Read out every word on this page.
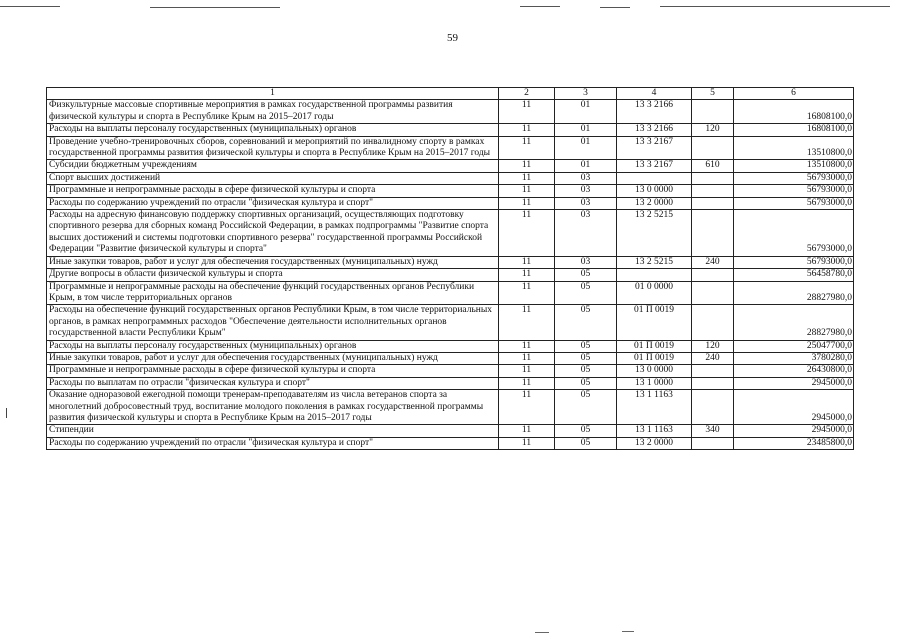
59
1	2	3	4	5	6
Физкультурные массовые спортивные мероприятия в рамках государственной программы развития физической культуры и спорта в Республике Крым на 2015–2017 годы	11	01	13 3 2166		16808100,0
Расходы на выплаты персоналу государственных (муниципальных) органов	11	01	13 3 2166	120	16808100,0
Проведение учебно-тренировочных сборов, соревнований и мероприятий по инвалидному спорту в рамках государственной программы развития физической культуры и спорта в Республике Крым на 2015–2017 годы	11	01	13 3 2167		13510800,0
Субсидии бюджетным учреждениям	11	01	13 3 2167	610	13510800,0
Спорт высших достижений	11	03			56793000,0
Программные и непрограммные расходы в сфере физической культуры и спорта	11	03	13 0 0000		56793000,0
Расходы по содержанию учреждений по отрасли "физическая культура и спорт"	11	03	13 2 0000		56793000,0
Расходы на адресную финансовую поддержку спортивных организаций, осуществляющих подготовку спортивного резерва для сборных команд Российской Федерации, в рамках подпрограммы "Развитие спорта высших достижений и системы подготовки спортивного резерва" государственной программы Российской Федерации "Развитие физической культуры и спорта"	11	03	13 2 5215		56793000,0
Иные закупки товаров, работ и услуг для обеспечения государственных (муниципальных) нужд	11	03	13 2 5215	240	56793000,0
Другие вопросы в области физической культуры и спорта	11	05			56458780,0
Программные и непрограммные расходы на обеспечение функций государственных органов Республики Крым, в том числе территориальных органов	11	05	01 0 0000		28827980,0
Расходы на обеспечение функций государственных органов Республики Крым, в том числе территориальных органов, в рамках непрограммных расходов "Обеспечение деятельности исполнительных органов государственной власти Республики Крым"	11	05	01 П 0019		28827980,0
Расходы на выплаты персоналу государственных (муниципальных) органов	11	05	01 П 0019	120	25047700,0
Иные закупки товаров, работ и услуг для обеспечения государственных (муниципальных) нужд	11	05	01 П 0019	240	3780280,0
Программные и непрограммные расходы в сфере физической культуры и спорта	11	05	13 0 0000		26430800,0
Расходы по выплатам по отрасли "физическая культура и спорт"	11	05	13 1 0000		2945000,0
Оказание одноразовой ежегодной помощи тренерам-преподавателям из числа ветеранов спорта за многолетний добросовестный труд, воспитание молодого поколения в рамках государственной программы развития физической культуры и спорта в Республике Крым на 2015–2017 годы	11	05	13 1 1163		2945000,0
Стипендии	11	05	13 1 1163	340	2945000,0
Расходы по содержанию учреждений по отрасли "физическая культура и спорт"	11	05	13 2 0000		23485800,0
